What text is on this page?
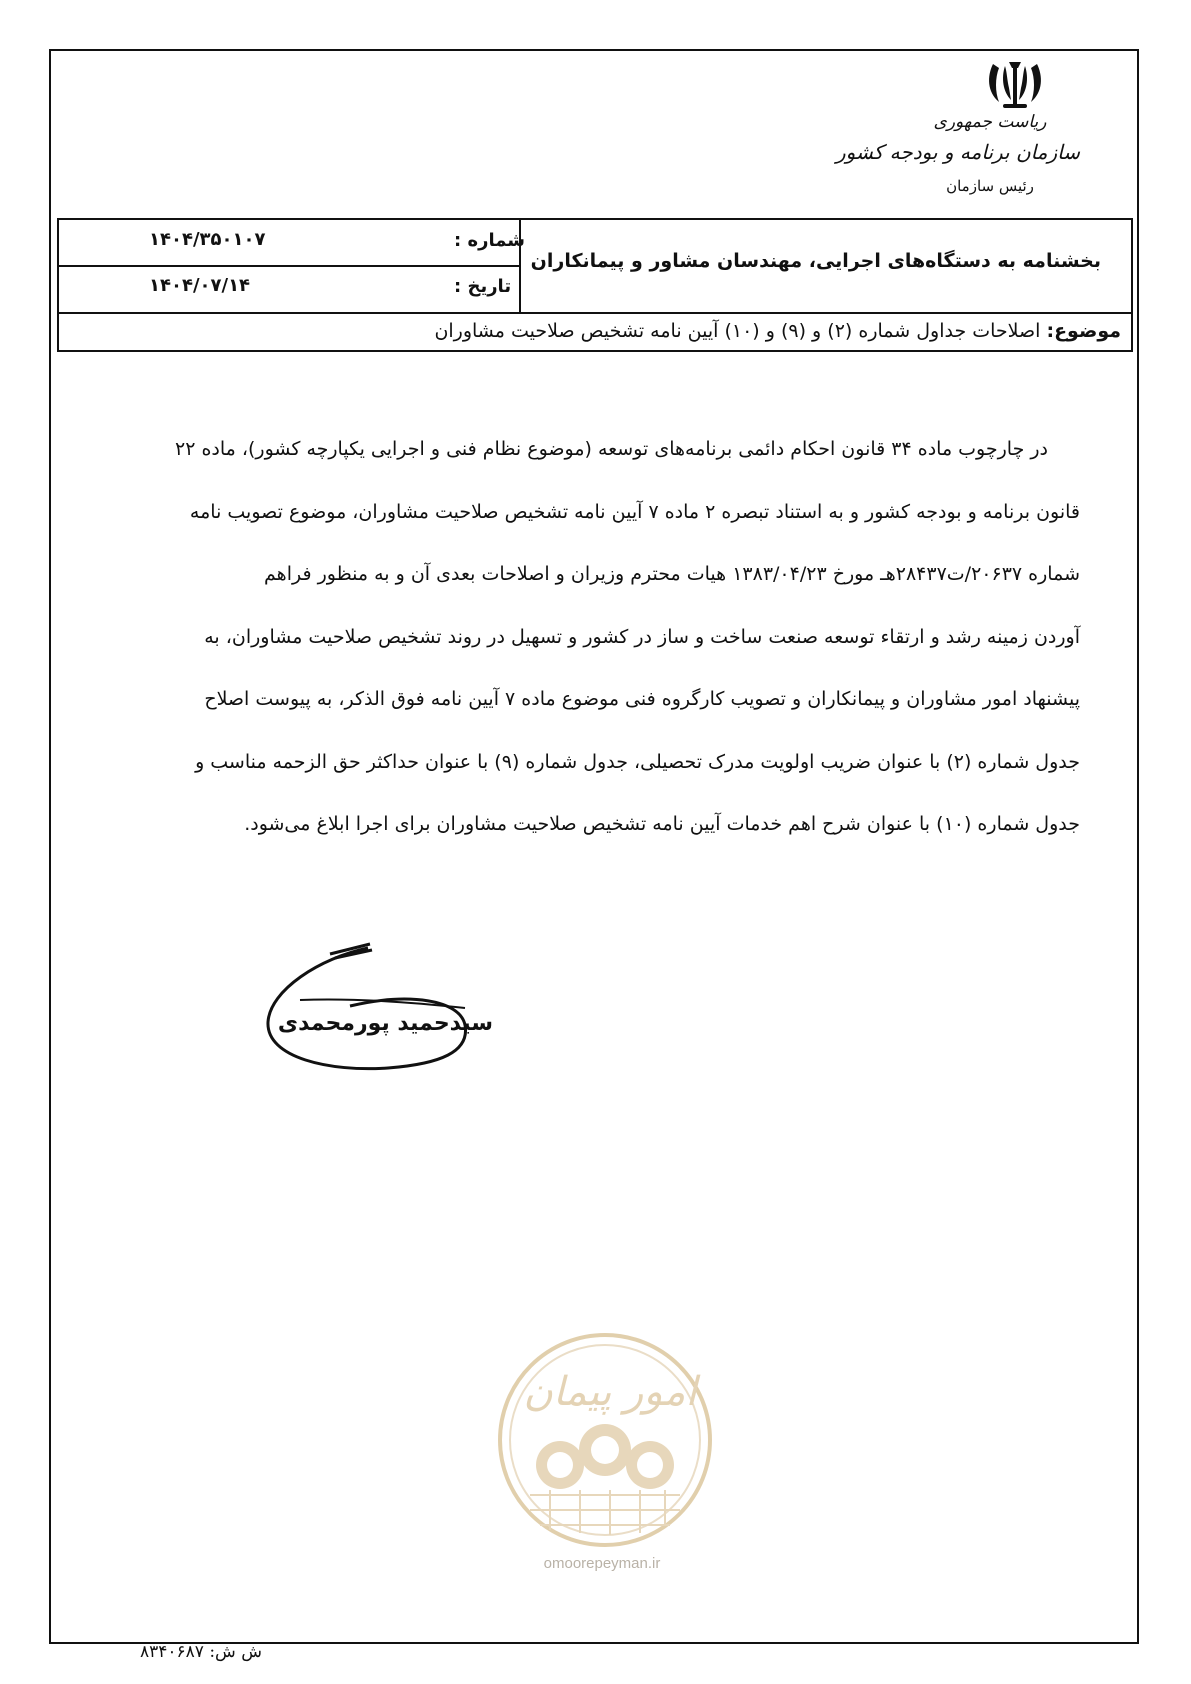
ریاست جمهوری
سازمان برنامه و بودجه کشور
رئیس سازمان
بخشنامه به دستگاه‌های اجرایی، مهندسان مشاور و پیمانکاران
شماره :
۱۴۰۴/۳۵۰۱۰۷
تاریخ :
۱۴۰۴/۰۷/۱۴
موضوع: اصلاحات جداول شماره (۲) و (۹) و (۱۰) آیین نامه تشخیص صلاحیت مشاوران
در چارچوب ماده ۳۴ قانون احکام دائمی برنامه‌های توسعه (موضوع نظام فنی و اجرایی یکپارچه کشور)، ماده ۲۲
قانون برنامه و بودجه کشور و به استناد تبصره ۲ ماده ۷ آیین نامه تشخیص صلاحیت مشاوران، موضوع تصویب نامه
شماره ۲۰۶۳۷/ت۲۸۴۳۷هـ مورخ ۱۳۸۳/۰۴/۲۳ هیات محترم وزیران و اصلاحات بعدی آن و به منظور فراهم
آوردن زمینه رشد و ارتقاء توسعه صنعت ساخت و ساز در کشور و تسهیل در روند تشخیص صلاحیت مشاوران، به
پیشنهاد امور مشاوران و پیمانکاران و تصویب کارگروه فنی موضوع ماده ۷ آیین نامه فوق الذکر، به پیوست اصلاح
جدول شماره (۲) با عنوان ضریب اولویت مدرک تحصیلی، جدول شماره (۹) با عنوان حداکثر حق الزحمه مناسب و
جدول شماره (۱۰) با عنوان شرح اهم خدمات آیین نامه تشخیص صلاحیت مشاوران برای اجرا ابلاغ می‌شود.
سیدحمید پورمحمدی
امور پیمان
omoorepeyman.ir
ش ش: ۸۳۴۰۶۸۷
